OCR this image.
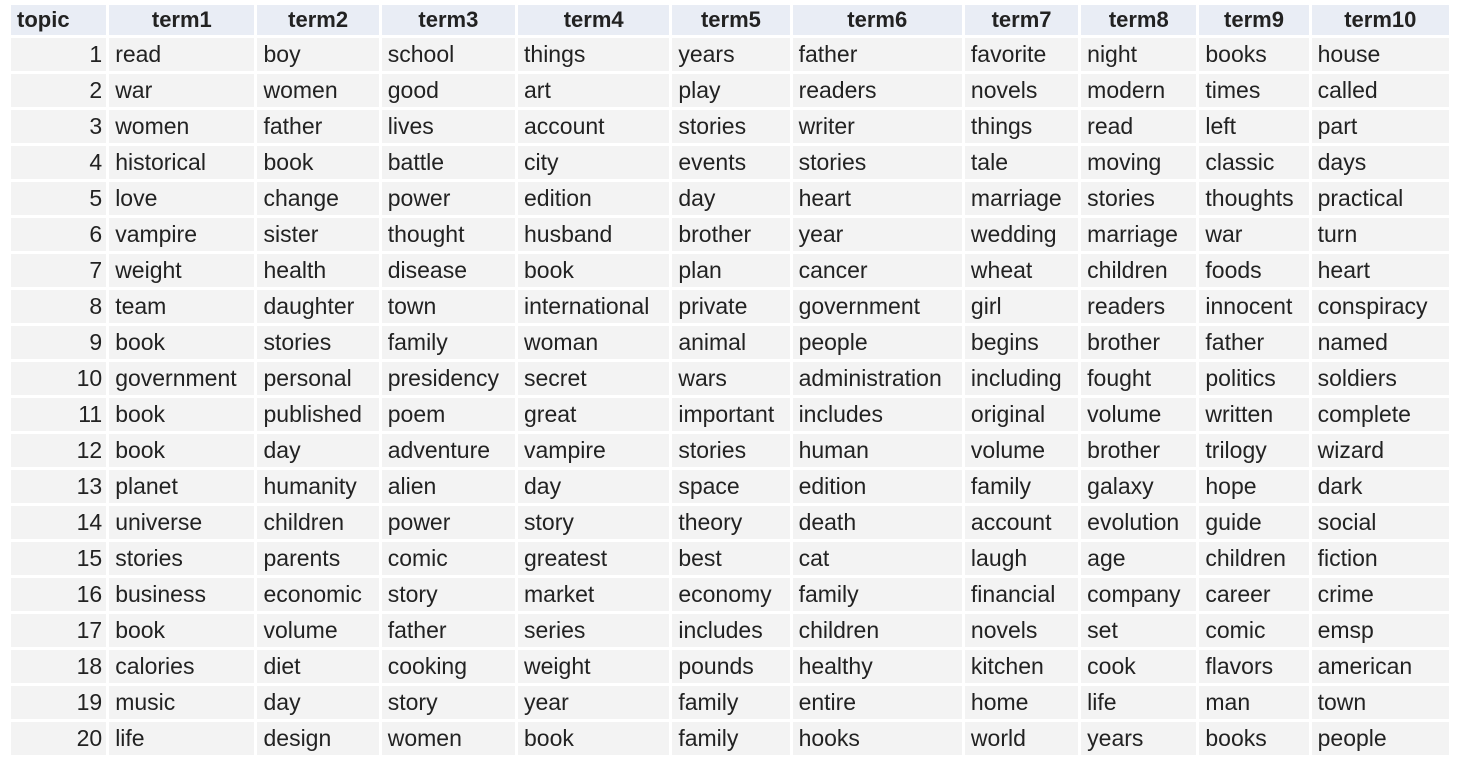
topic	term1	term2	term3	term4	term5	term6	term7	term8	term9	term10
1	read	boy	school	things	years	father	favorite	night	books	house
2	war	women	good	art	play	readers	novels	modern	times	called
3	women	father	lives	account	stories	writer	things	read	left	part
4	historical	book	battle	city	events	stories	tale	moving	classic	days
5	love	change	power	edition	day	heart	marriage	stories	thoughts	practical
6	vampire	sister	thought	husband	brother	year	wedding	marriage	war	turn
7	weight	health	disease	book	plan	cancer	wheat	children	foods	heart
8	team	daughter	town	international	private	government	girl	readers	innocent	conspiracy
9	book	stories	family	woman	animal	people	begins	brother	father	named
10	government	personal	presidency	secret	wars	administration	including	fought	politics	soldiers
11	book	published	poem	great	important	includes	original	volume	written	complete
12	book	day	adventure	vampire	stories	human	volume	brother	trilogy	wizard
13	planet	humanity	alien	day	space	edition	family	galaxy	hope	dark
14	universe	children	power	story	theory	death	account	evolution	guide	social
15	stories	parents	comic	greatest	best	cat	laugh	age	children	fiction
16	business	economic	story	market	economy	family	financial	company	career	crime
17	book	volume	father	series	includes	children	novels	set	comic	emsp
18	calories	diet	cooking	weight	pounds	healthy	kitchen	cook	flavors	american
19	music	day	story	year	family	entire	home	life	man	town
20	life	design	women	book	family	hooks	world	years	books	people
